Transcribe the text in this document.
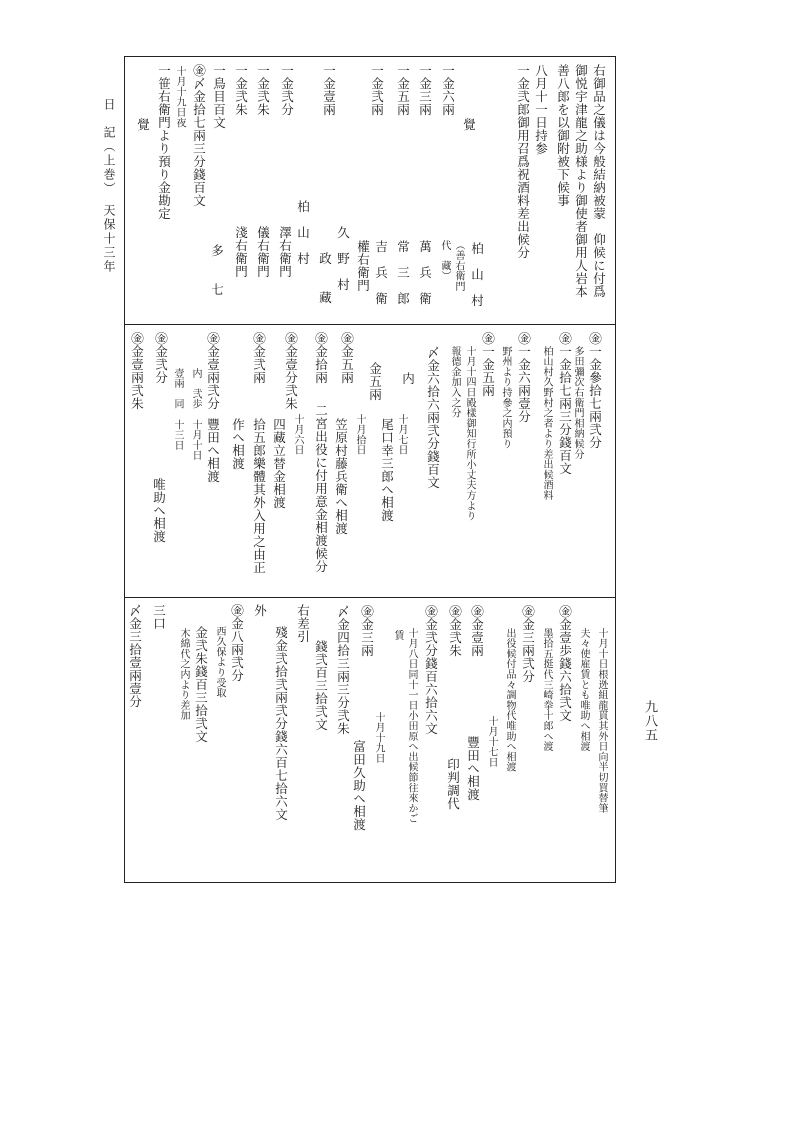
日　記（上巻）　天保十三年
九八五
右御品之儀は今般結納被蒙　仰候に付爲
御悦宇津龍之助様より御使者御用人岩本
善八郎を以御附被下候事
八月十一日持参
一金弐郎御用召爲祝酒料差出候分
柏　山　村
一金六兩
（善右衛門
代　藏）
一金三兩
萬　兵　衛
一金五兩
常　三　郎
一金弐兩
吉　兵　衛
權右衛門
一金壹兩
久　野　村
政　　藏
柏　山　村
一金弐分
澤右衛門
一金弐朱
儀右衛門
一金弐朱
淺右衛門
一鳥目百文
多　　七
㊎〆金拾七兩三分錢百文
十月十九日夜
一笹右衛門より預り金勘定	覺
覺
㊎一金參拾七兩弐分
多田彌次右衛門相納候分
㊎一金拾七兩三分錢百文
柏山村久野村之者より差出候酒料
㊎一金六兩壹分
野州より持參之内預り
㊎一金五兩
十月十四日殿樣御知行所小丈夫方より
報德金加入之分
〆金六拾六兩弐分錢百文
内
金五兩
十月七日
尾口幸三郎へ相渡
㊎金五兩
十月拾日
笠原村藤兵衛へ相渡
㊎金拾兩
二宮出役に付用意金相渡候分
㊎金壹分弐朱
十月六日
四藏立替金相渡
㊎金弐兩
拾五郎樂體其外入用之由正
作へ相渡
㊎金壹兩弐分
豐田へ相渡
内　弐歩　十月十日
壹兩　同　十三日
㊎金弐分
㊎金壹兩弐朱
唯助へ相渡
十月十日根迯組龍貫其外日向半切買替筆
夫々使雇賃とも唯助へ相渡
㊎金壹歩錢六拾弐文
墨拾五挺代三崎拳十郎へ渡
㊎金三兩弐分
出役候付品々調物代唯助へ相渡
十月十七日
㊎金壹兩
豐田へ相渡
㊎金弐朱
印判調代
㊎金弐分錢百六拾六文
十月八日同十一日小田原へ出候節往來かご
賃
㊎金三兩
十月十九日
富田久助へ相渡
〆金四拾三兩三分弐朱
錢弐百三拾弐文
右差引
殘金弐拾弐兩弐分錢六百七拾六文
外
㊎金八兩弐分
西久保より受取
金弐朱錢百三拾弐文
木綿代之内より差加
三口
〆金三拾壹兩壹分
